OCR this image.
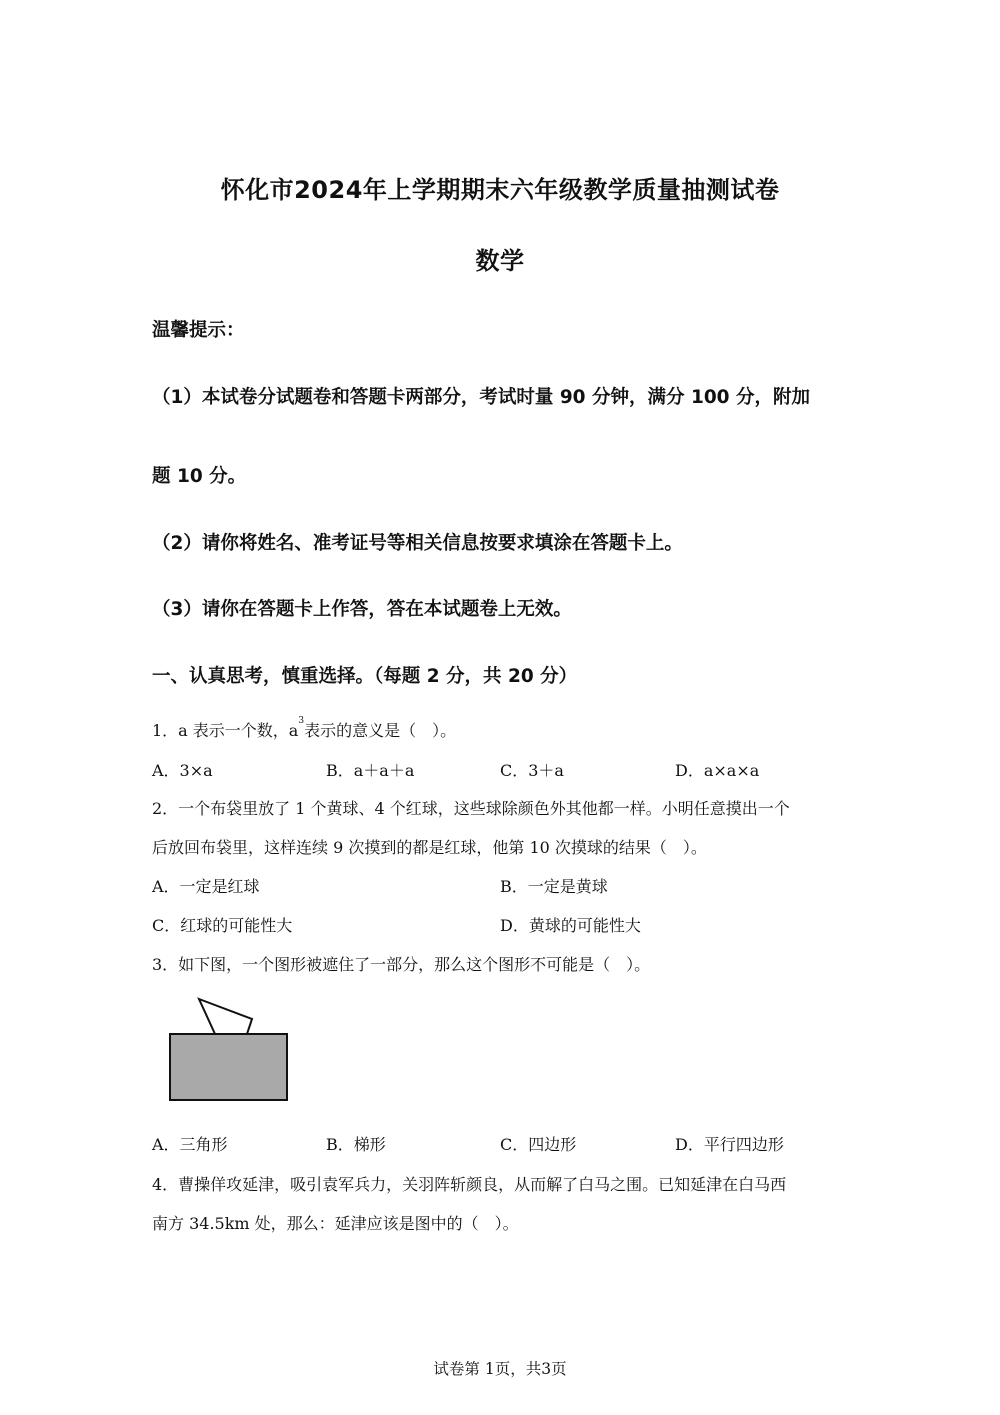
怀化市2024年上学期期末六年级教学质量抽测试卷
数学
温馨提示：
（1）本试卷分试题卷和答题卡两部分，考试时量 90 分钟，满分 100 分，附加
题 10 分。
（2）请你将姓名、准考证号等相关信息按要求填涂在答题卡上。
（3）请你在答题卡上作答，答在本试题卷上无效。
一、认真思考，慎重选择。（每题 2 分，共 20 分）
1．a 表示一个数，$a^3$表示的意义是（　）。
A．3×a	B．a＋a＋a	C．3＋a	D．a×a×a
2．一个布袋里放了 1 个黄球、4 个红球，这些球除颜色外其他都一样。小明任意摸出一个
后放回布袋里，这样连续 9 次摸到的都是红球，他第 10 次摸球的结果（　）。
A．一定是红球	B．一定是黄球
C．红球的可能性大	D．黄球的可能性大
3．如下图，一个图形被遮住了一部分，那么这个图形不可能是（　）。
A．三角形	B．梯形	C．四边形	D．平行四边形
4．曹操佯攻延津，吸引袁军兵力，关羽阵斩颜良，从而解了白马之围。已知延津在白马西
南方 34.5km 处，那么：延津应该是图中的（　）。
试卷第 1页，共3页
